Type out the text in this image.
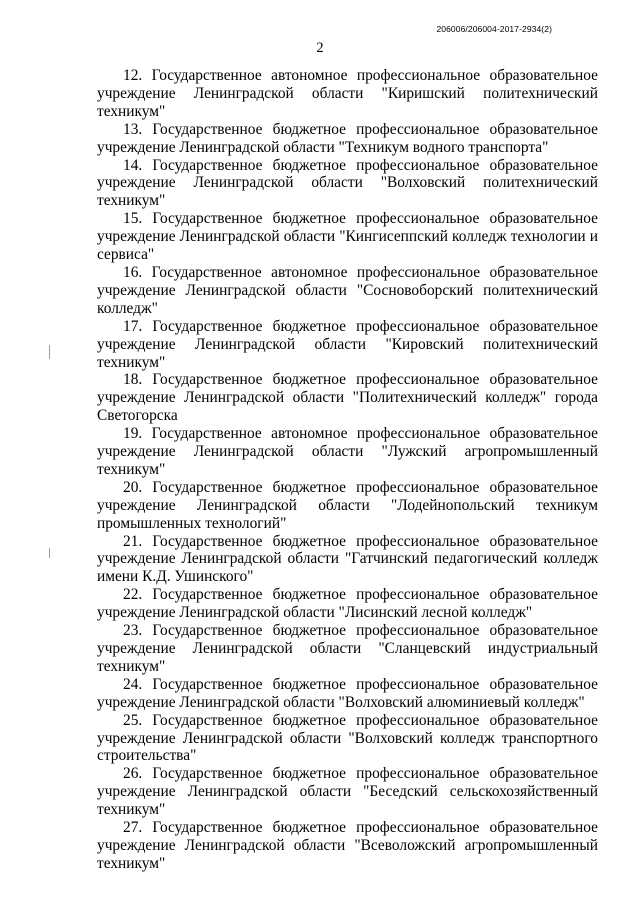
206006/206004-2017-2934(2)
2

12. Государственное автономное профессиональное образовательное учреждение Ленинградской области "Киришский политехнический техникум"

13. Государственное бюджетное профессиональное образовательное учреждение Ленинградской области "Техникум водного транспорта"

14. Государственное бюджетное профессиональное образовательное учреждение Ленинградской области "Волховский политехнический техникум"

15. Государственное бюджетное профессиональное образовательное учреждение Ленинградской области "Кингисеппский колледж технологии и сервиса"

16. Государственное автономное профессиональное образовательное учреждение Ленинградской области "Сосновоборский политехнический колледж"

17. Государственное бюджетное профессиональное образовательное учреждение Ленинградской области "Кировский политехнический техникум"

18. Государственное бюджетное профессиональное образовательное учреждение Ленинградской области "Политехнический колледж" города Светогорска

19. Государственное автономное профессиональное образовательное учреждение Ленинградской области "Лужский агропромышленный техникум"

20. Государственное бюджетное профессиональное образовательное учреждение Ленинградской области "Лодейнопольский техникум промышленных технологий"

21. Государственное бюджетное профессиональное образовательное учреждение Ленинградской области "Гатчинский педагогический колледж имени К.Д. Ушинского"

22. Государственное бюджетное профессиональное образовательное учреждение Ленинградской области "Лисинский лесной колледж"

23. Государственное бюджетное профессиональное образовательное учреждение Ленинградской области "Сланцевский индустриальный техникум"

24. Государственное бюджетное профессиональное образовательное учреждение Ленинградской области "Волховский алюминиевый колледж"

25. Государственное бюджетное профессиональное образовательное учреждение Ленинградской области "Волховский колледж транспортного строительства"

26. Государственное бюджетное профессиональное образовательное учреждение Ленинградской области "Беседский сельскохозяйственный техникум"

27. Государственное бюджетное профессиональное образовательное учреждение Ленинградской области "Всеволожский агропромышленный техникум"
